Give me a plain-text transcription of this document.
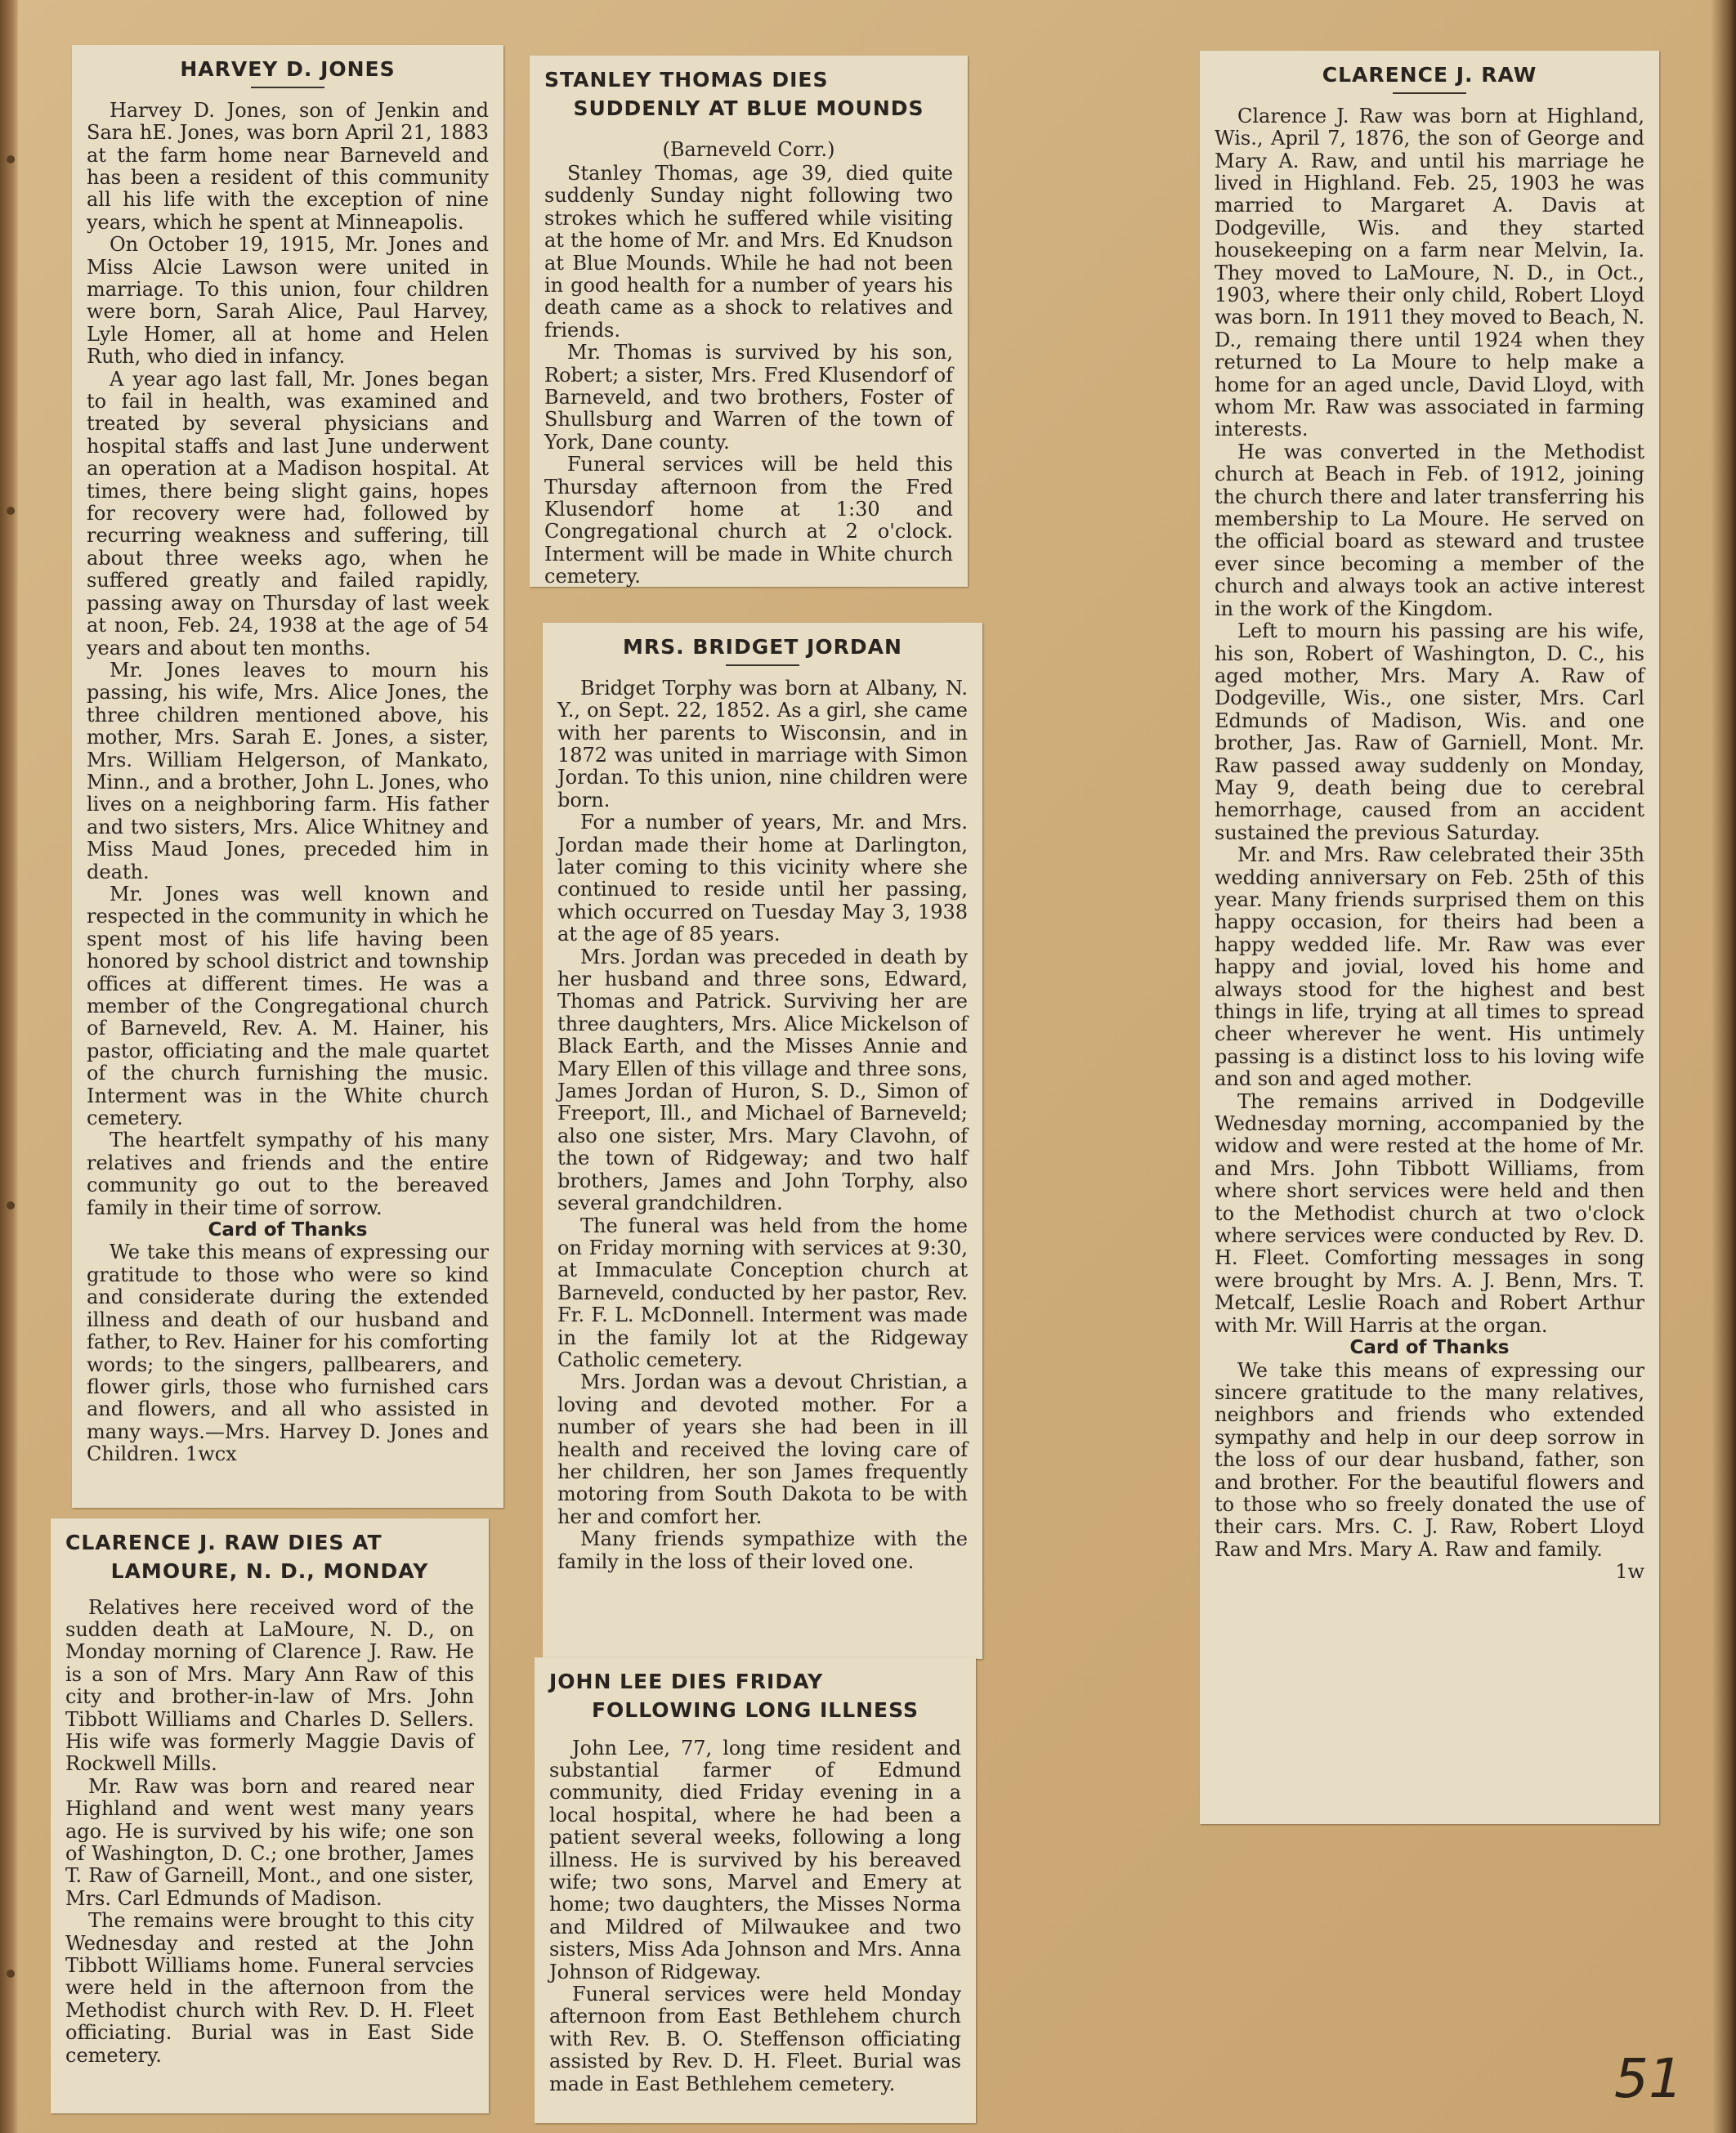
HARVEY D. JONES

Harvey D. Jones, son of Jenkin and Sara hE. Jones, was born April 21, 1883 at the farm home near Barneveld and has been a resident of this community all his life with the exception of nine years, which he spent at Minneapolis.

On October 19, 1915, Mr. Jones and Miss Alcie Lawson were united in marriage. To this union, four children were born, Sarah Alice, Paul Harvey, Lyle Homer, all at home and Helen Ruth, who died in infancy.

A year ago last fall, Mr. Jones began to fail in health, was examined and treated by several physicians and hospital staffs and last June underwent an operation at a Madison hospital. At times, there being slight gains, hopes for recovery were had, followed by recurring weakness and suffering, till about three weeks ago, when he suffered greatly and failed rapidly, passing away on Thursday of last week at noon, Feb. 24, 1938 at the age of 54 years and about ten months.

Mr. Jones leaves to mourn his passing, his wife, Mrs. Alice Jones, the three children mentioned above, his mother, Mrs. Sarah E. Jones, a sister, Mrs. William Helgerson, of Mankato, Minn., and a brother, John L. Jones, who lives on a neighboring farm. His father and two sisters, Mrs. Alice Whitney and Miss Maud Jones, preceded him in death.

Mr. Jones was well known and respected in the community in which he spent most of his life having been honored by school district and township offices at different times. He was a member of the Congregational church of Barneveld, Rev. A. M. Hainer, his pastor, officiating and the male quartet of the church furnishing the music. Interment was in the White church cemetery.

The heartfelt sympathy of his many relatives and friends and the entire community go out to the bereaved family in their time of sorrow.

Card of Thanks

We take this means of expressing our gratitude to those who were so kind and considerate during the extended illness and death of our husband and father, to Rev. Hainer for his comforting words; to the singers, pallbearers, and flower girls, those who furnished cars and flowers, and all who assisted in many ways.—Mrs. Harvey D. Jones and Children. 1wcx

CLARENCE J. RAW DIES AT
LAMOURE, N. D., MONDAY

Relatives here received word of the sudden death at LaMoure, N. D., on Monday morning of Clarence J. Raw. He is a son of Mrs. Mary Ann Raw of this city and brother-in-law of Mrs. John Tibbott Williams and Charles D. Sellers. His wife was formerly Maggie Davis of Rockwell Mills.

Mr. Raw was born and reared near Highland and went west many years ago. He is survived by his wife; one son of Washington, D. C.; one brother, James T. Raw of Garneill, Mont., and one sister, Mrs. Carl Edmunds of Madison.

The remains were brought to this city Wednesday and rested at the John Tibbott Williams home. Funeral servcies were held in the afternoon from the Methodist church with Rev. D. H. Fleet officiating. Burial was in East Side cemetery.

STANLEY THOMAS DIES
SUDDENLY AT BLUE MOUNDS

(Barneveld Corr.)

Stanley Thomas, age 39, died quite suddenly Sunday night following two strokes which he suffered while visiting at the home of Mr. and Mrs. Ed Knudson at Blue Mounds. While he had not been in good health for a number of years his death came as a shock to relatives and friends.

Mr. Thomas is survived by his son, Robert; a sister, Mrs. Fred Klusendorf of Barneveld, and two brothers, Foster of Shullsburg and Warren of the town of York, Dane county.

Funeral services will be held this Thursday afternoon from the Fred Klusendorf home at 1:30 and Congregational church at 2 o'clock. Interment will be made in White church cemetery.

MRS. BRIDGET JORDAN

Bridget Torphy was born at Albany, N. Y., on Sept. 22, 1852. As a girl, she came with her parents to Wisconsin, and in 1872 was united in marriage with Simon Jordan. To this union, nine children were born.

For a number of years, Mr. and Mrs. Jordan made their home at Darlington, later coming to this vicinity where she continued to reside until her passing, which occurred on Tuesday May 3, 1938 at the age of 85 years.

Mrs. Jordan was preceded in death by her husband and three sons, Edward, Thomas and Patrick. Surviving her are three daughters, Mrs. Alice Mickelson of Black Earth, and the Misses Annie and Mary Ellen of this village and three sons, James Jordan of Huron, S. D., Simon of Freeport, Ill., and Michael of Barneveld; also one sister, Mrs. Mary Clavohn, of the town of Ridgeway; and two half brothers, James and John Torphy, also several grandchildren.

The funeral was held from the home on Friday morning with services at 9:30, at Immaculate Conception church at Barneveld, conducted by her pastor, Rev. Fr. F. L. McDonnell. Interment was made in the family lot at the Ridgeway Catholic cemetery.

Mrs. Jordan was a devout Christian, a loving and devoted mother. For a number of years she had been in ill health and received the loving care of her children, her son James frequently motoring from South Dakota to be with her and comfort her.

Many friends sympathize with the family in the loss of their loved one.

JOHN LEE DIES FRIDAY
FOLLOWING LONG ILLNESS

John Lee, 77, long time resident and substantial farmer of Edmund community, died Friday evening in a local hospital, where he had been a patient several weeks, following a long illness. He is survived by his bereaved wife; two sons, Marvel and Emery at home; two daughters, the Misses Norma and Mildred of Milwaukee and two sisters, Miss Ada Johnson and Mrs. Anna Johnson of Ridgeway.

Funeral services were held Monday afternoon from East Bethlehem church with Rev. B. O. Steffenson officiating assisted by Rev. D. H. Fleet. Burial was made in East Bethlehem cemetery.

CLARENCE J. RAW

Clarence J. Raw was born at Highland, Wis., April 7, 1876, the son of George and Mary A. Raw, and until his marriage he lived in Highland. Feb. 25, 1903 he was married to Margaret A. Davis at Dodgeville, Wis. and they started housekeeping on a farm near Melvin, Ia. They moved to LaMoure, N. D., in Oct., 1903, where their only child, Robert Lloyd was born. In 1911 they moved to Beach, N. D., remaing there until 1924 when they returned to La Moure to help make a home for an aged uncle, David Lloyd, with whom Mr. Raw was associated in farming interests.

He was converted in the Methodist church at Beach in Feb. of 1912, joining the church there and later transferring his membership to La Moure. He served on the official board as steward and trustee ever since becoming a member of the church and always took an active interest in the work of the Kingdom.

Left to mourn his passing are his wife, his son, Robert of Washington, D. C., his aged mother, Mrs. Mary A. Raw of Dodgeville, Wis., one sister, Mrs. Carl Edmunds of Madison, Wis. and one brother, Jas. Raw of Garniell, Mont. Mr. Raw passed away suddenly on Monday, May 9, death being due to cerebral hemorrhage, caused from an accident sustained the previous Saturday.

Mr. and Mrs. Raw celebrated their 35th wedding anniversary on Feb. 25th of this year. Many friends surprised them on this happy occasion, for theirs had been a happy wedded life. Mr. Raw was ever happy and jovial, loved his home and always stood for the highest and best things in life, trying at all times to spread cheer wherever he went. His untimely passing is a distinct loss to his loving wife and son and aged mother.

The remains arrived in Dodgeville Wednesday morning, accompanied by the widow and were rested at the home of Mr. and Mrs. John Tibbott Williams, from where short services were held and then to the Methodist church at two o'clock where services were conducted by Rev. D. H. Fleet. Comforting messages in song were brought by Mrs. A. J. Benn, Mrs. T. Metcalf, Leslie Roach and Robert Arthur with Mr. Will Harris at the organ.

Card of Thanks

We take this means of expressing our sincere gratitude to the many relatives, neighbors and friends who extended sympathy and help in our deep sorrow in the loss of our dear husband, father, son and brother. For the beautiful flowers and to those who so freely donated the use of their cars. Mrs. C. J. Raw, Robert Lloyd Raw and Mrs. Mary A. Raw and family.

1w

51
